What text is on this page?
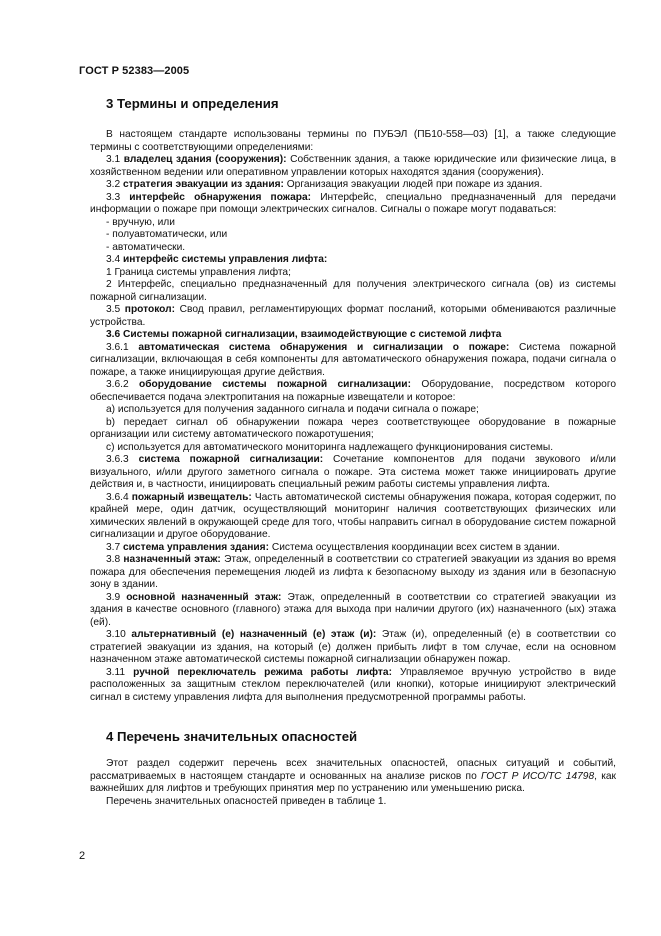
ГОСТ Р 52383—2005
3 Термины и определения

В настоящем стандарте использованы термины по ПУБЭЛ (ПБ10-558—03) [1], а также следующие термины с соответствующими определениями:

3.1 владелец здания (сооружения): Собственник здания, а также юридические или физические лица, в хозяйственном ведении или оперативном управлении которых находятся здания (сооружения).

3.2 стратегия эвакуации из здания: Организация эвакуации людей при пожаре из здания.

3.3 интерфейс обнаружения пожара: Интерфейс, специально предназначенный для передачи информации о пожаре при помощи электрических сигналов. Сигналы о пожаре могут подаваться:

- вручную, или

- полуавтоматически, или

- автоматически.

3.4 интерфейс системы управления лифта:

1 Граница системы управления лифта;

2 Интерфейс, специально предназначенный для получения электрического сигнала (ов) из системы пожарной сигнализации.

3.5 протокол: Свод правил, регламентирующих формат посланий, которыми обмениваются различные устройства.

3.6 Системы пожарной сигнализации, взаимодействующие с системой лифта

3.6.1 автоматическая система обнаружения и сигнализации о пожаре: Система пожарной сигнализации, включающая в себя компоненты для автоматического обнаружения пожара, подачи сигнала о пожаре, а также инициирующая другие действия.

3.6.2 оборудование системы пожарной сигнализации: Оборудование, посредством которого обеспечивается подача электропитания на пожарные извещатели и которое:

a) используется для получения заданного сигнала и подачи сигнала о пожаре;

b) передает сигнал об обнаружении пожара через соответствующее оборудование в пожарные организации или систему автоматического пожаротушения;

c) используется для автоматического мониторинга надлежащего функционирования системы.

3.6.3 система пожарной сигнализации: Сочетание компонентов для подачи звукового и/или визуального, и/или другого заметного сигнала о пожаре. Эта система может также инициировать другие действия и, в частности, инициировать специальный режим работы системы управления лифта.

3.6.4 пожарный извещатель: Часть автоматической системы обнаружения пожара, которая содержит, по крайней мере, один датчик, осуществляющий мониторинг наличия соответствующих физических или химических явлений в окружающей среде для того, чтобы направить сигнал в оборудование систем пожарной сигнализации и другое оборудование.

3.7 система управления здания: Система осуществления координации всех систем в здании.

3.8 назначенный этаж: Этаж, определенный в соответствии со стратегией эвакуации из здания во время пожара для обеспечения перемещения людей из лифта к безопасному выходу из здания или в безопасную зону в здании.

3.9 основной назначенный этаж: Этаж, определенный в соответствии со стратегией эвакуации из здания в качестве основного (главного) этажа для выхода при наличии другого (их) назначенного (ых) этажа (ей).

3.10 альтернативный (е) назначенный (е) этаж (и): Этаж (и), определенный (е) в соответствии со стратегией эвакуации из здания, на который (е) должен прибыть лифт в том случае, если на основном назначенном этаже автоматической системы пожарной сигнализации обнаружен пожар.

3.11 ручной переключатель режима работы лифта: Управляемое вручную устройство в виде расположенных за защитным стеклом переключателей (или кнопки), которые инициируют электрический сигнал в систему управления лифта для выполнения предусмотренной программы работы.

4 Перечень значительных опасностей

Этот раздел содержит перечень всех значительных опасностей, опасных ситуаций и событий, рассматриваемых в настоящем стандарте и основанных на анализе рисков по ГОСТ Р ИСО/ТС 14798, как важнейших для лифтов и требующих принятия мер по устранению или уменьшению риска.

Перечень значительных опасностей приведен в таблице 1.

2
